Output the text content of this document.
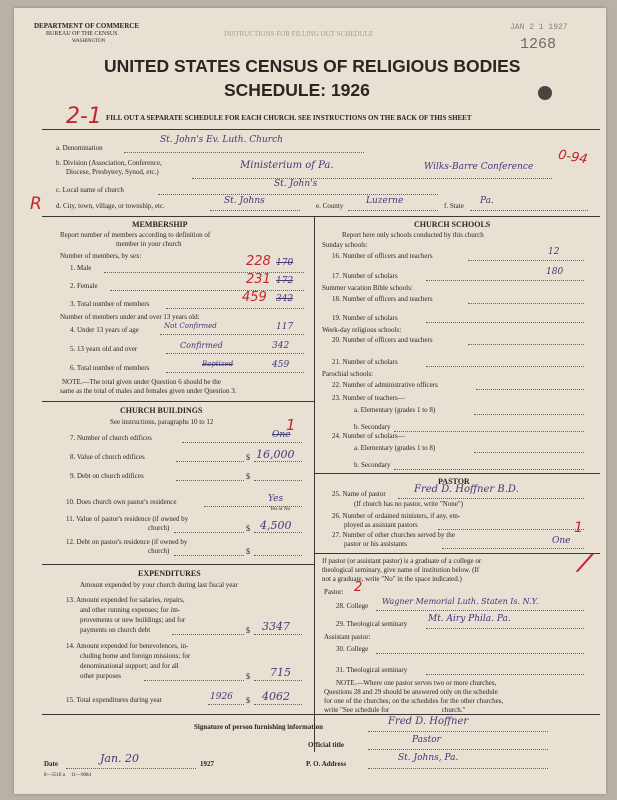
DEPARTMENT OF COMMERCE
BUREAU OF THE CENSUS
WASHINGTON
INSTRUCTIONS FOR FILLING OUT SCHEDULE
JAN 2 1 1927
1268
UNITED STATES CENSUS OF RELIGIOUS BODIES
SCHEDULE: 1926
2-1 FILL OUT A SEPARATE SCHEDULE FOR EACH CHURCH. SEE INSTRUCTIONS ON THE BACK OF THIS SHEET
a. Denomination
St. John's Ev. Luth. Church
b. Division (Association, Conference,
Diocese, Presbytery, Synod, etc.)
Ministerium of Pa.	Wilks-Barre Conference 0-94
c. Local name of church
St. John's
R d. City, town, village, or township, etc.	St. Johns	e. County	Luzerne	f. State Pa.
MEMBERSHIP
Report number of members according to definition of
member in your church
Number of members, by sex:
1. Male	228 170
2. Female	231 172
3. Total number of members	459 342
Number of members under and over 13 years old:
4. Under 13 years of age	Not Confirmed	117
5. 13 years old and over	Confirmed	342
6. Total number of members	Baptized	459
NOTE.—The total given under Question 6 should be the
same as the total of males and females given under Question 3.
CHURCH BUILDINGS
See instructions, paragraphs 10 to 12
7. Number of church edifices	One
1
8. Value of church edifices	$ 16,000
9. Debt on church edifices	$
10. Does church own pastor's residence	Yes
Yes or No
11. Value of pastor's residence (if owned by
church)	$ 4,500
12. Debt on pastor's residence (if owned by
church)	$
EXPENDITURES
Amount expended by your church during last fiscal year
13. Amount expended for salaries, repairs,
and other running expenses; for im-
provements or new buildings; and for
payments on church debt	$ 3347
14. Amount expended for benevolences, in-
cluding home and foreign missions; for
denominational support; and for all
other purposes	$ 715
15. Total expenditures during year	1926 $ 4062
CHURCH SCHOOLS
Report here only schools conducted by this church
Sunday schools:
16. Number of officers and teachers	12
17. Number of scholars	180
Summer vacation Bible schools:
18. Number of officers and teachers
19. Number of scholars
Week-day religious schools:
20. Number of officers and teachers
21. Number of scholars
Parochial schools:
22. Number of administrative officers
23. Number of teachers—
a. Elementary (grades 1 to 8)
b. Secondary
24. Number of scholars—
a. Elementary (grades 1 to 8)
b. Secondary
PASTOR
25. Name of pastor	Fred D. Hoffner B.D.
(If church has no pastor, write "None")
26. Number of ordained ministers, if any, em-
ployed as assistant pastors
27. Number of other churches served by the
pastor or his assistants	One
1
If pastor (or assistant pastor) is a graduate of a college or
theological seminary, give name of institution below. (If
not a graduate, write "No" in the space indicated.)
/
Pastor: 2
28. College Wagner Memorial Luth. Staten Is. N.Y.
29. Theological seminary Mt. Airy Phila. Pa.
Assistant pastor:
30. College
31. Theological seminary
NOTE.—Where one pastor serves two or more churches,
Questions 28 and 29 should be answered only on the schedule
for one of the churches; on the schedules for the other churches,
write "See schedule for                              church."
Signature of person furnishing information	Fred D. Hoffner
Official title	Pastor
Date	Jan. 20	1927	P. O. Address
St. Johns, Pa.
8—5518 a     11—9084
